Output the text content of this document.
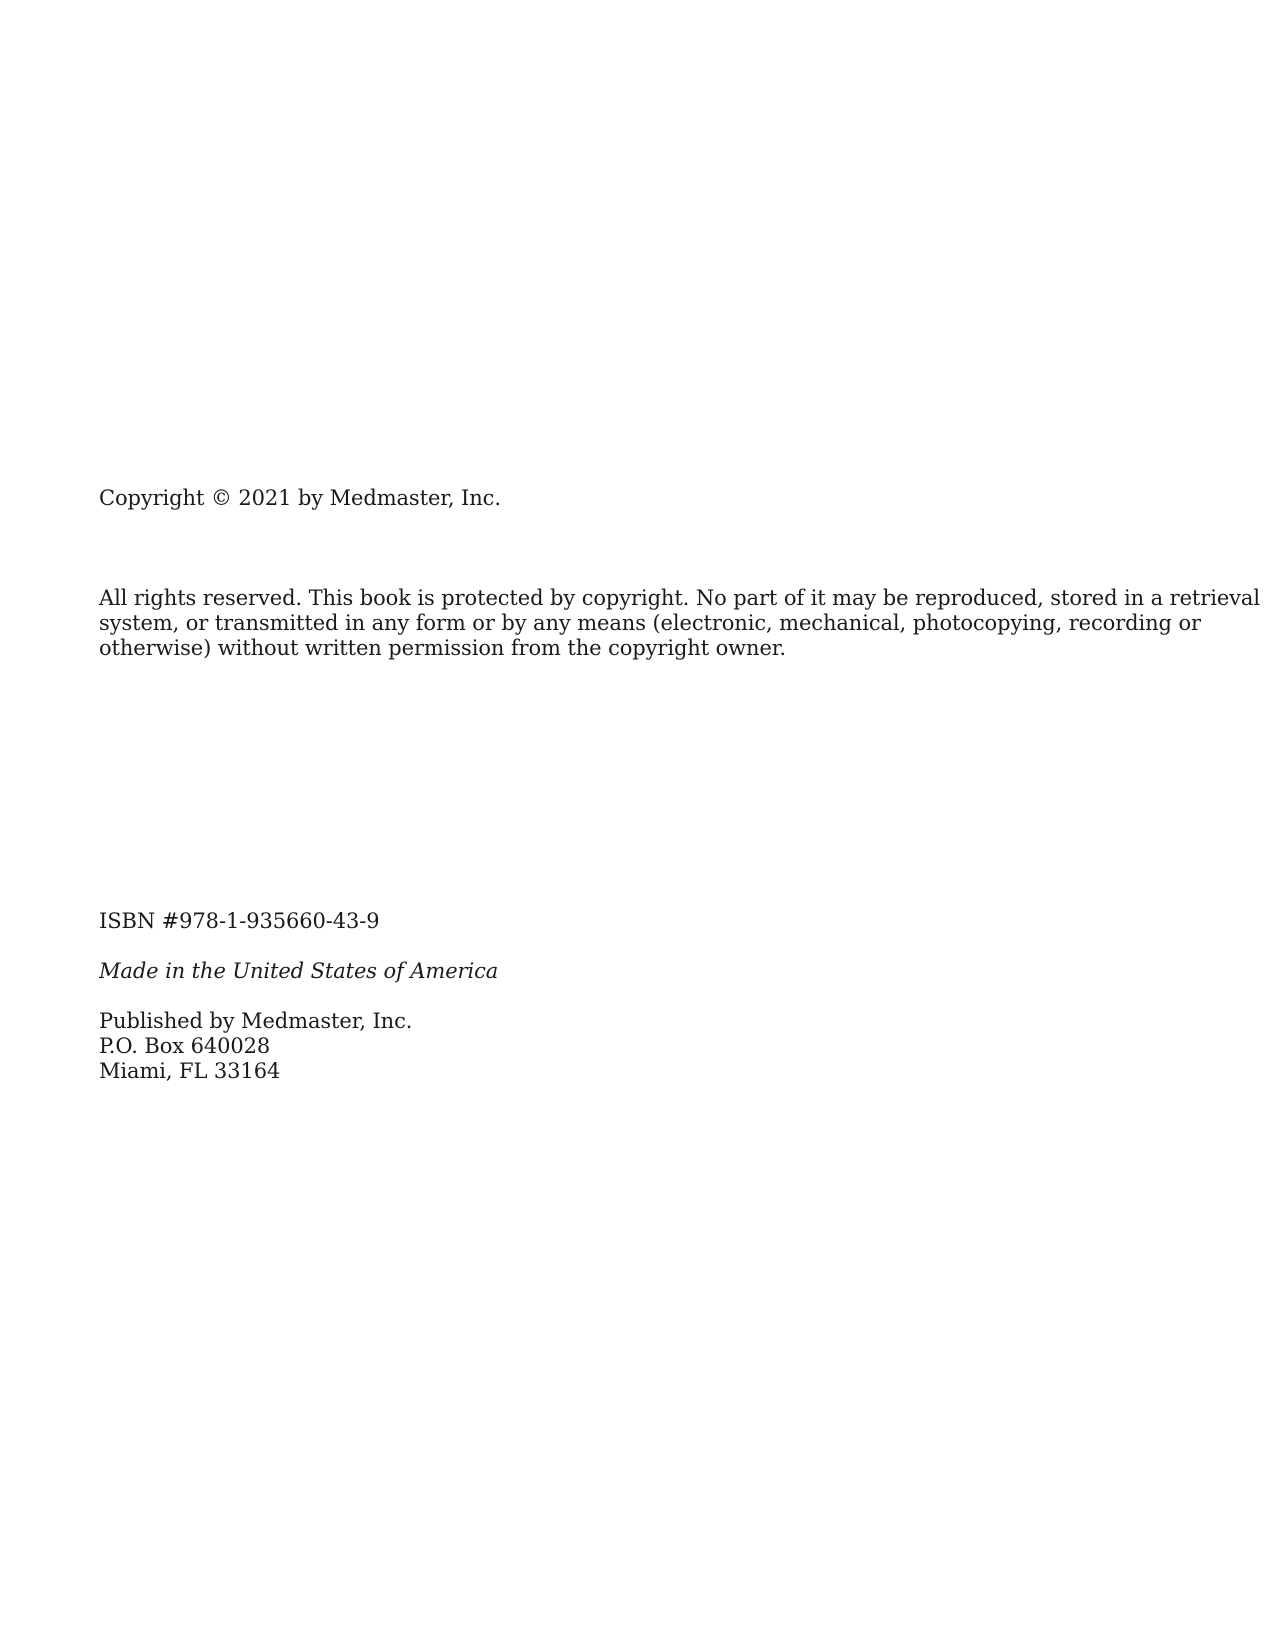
Copyright © 2021 by Medmaster, Inc.
All rights reserved. This book is protected by copyright. No part of it may be reproduced, stored in a retrieval
system, or transmitted in any form or by any means (electronic, mechanical, photocopying, recording or
otherwise) without written permission from the copyright owner.
ISBN #978-1-935660-43-9
Made in the United States of America
Published by Medmaster, Inc.
P.O. Box 640028
Miami, FL 33164
